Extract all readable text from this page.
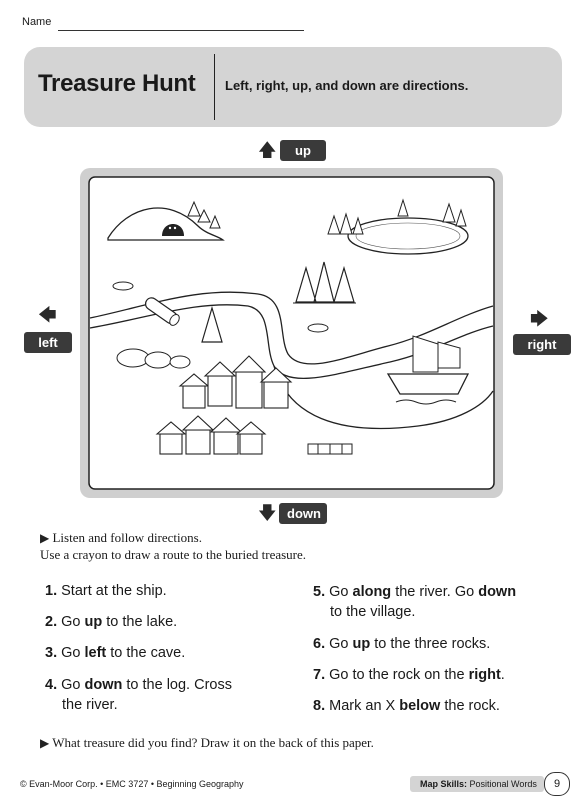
Name
Treasure Hunt Left, right, up, and down are directions.
🡅	up
🡄
left
🡆
right
🡇 down
▶ Listen and follow directions.
Use a crayon to draw a route to the buried treasure.
1. Start at the ship.
2. Go up to the lake.
3. Go left to the cave.
4. Go down to the log. Cross
the river.
5. Go along the river. Go down
to the village.
6. Go up to the three rocks.
7. Go to the rock on the right.
8. Mark an X below the rock.
▶ What treasure did you find? Draw it on the back of this paper.
© Evan-Moor Corp. • EMC 3727 • Beginning Geography	Map Skills: Positional Words	9
